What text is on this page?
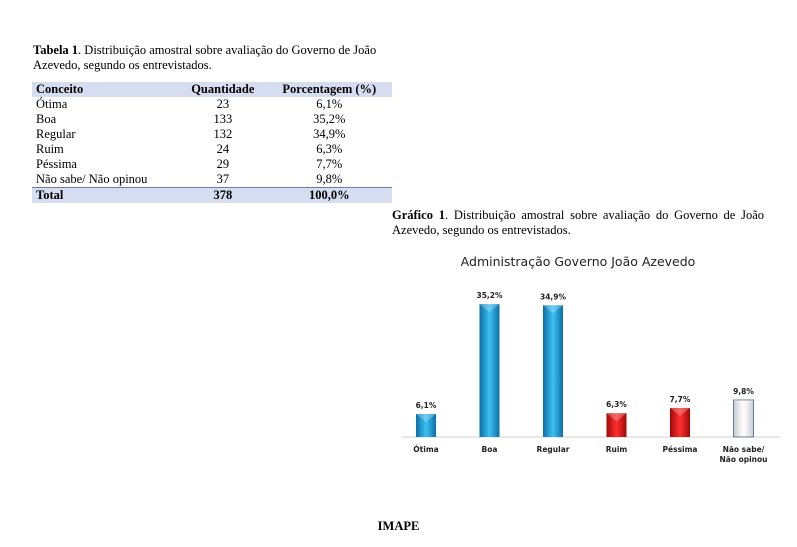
Tabela 1. Distribuição amostral sobre avaliação do Governo de João Azevedo, segundo os entrevistados.
Conceito	Quantidade	Porcentagem (%)
Ótima	23	6,1%
Boa	133	35,2%
Regular	132	34,9%
Ruim	24	6,3%
Péssima	29	7,7%
Não sabe/ Não opinou	37	9,8%
Total	378	100,0%
Gráfico 1. Distribuição amostral sobre avaliação do Governo de João Azevedo, segundo os entrevistados.
Administração Governo João Azevedo
6,1%
Ótima
35,2%
Boa
34,9%
Regular
6,3%
Ruim
7,7%
Péssima
9,8%
Não sabe/ Não opinou
IMAPE
